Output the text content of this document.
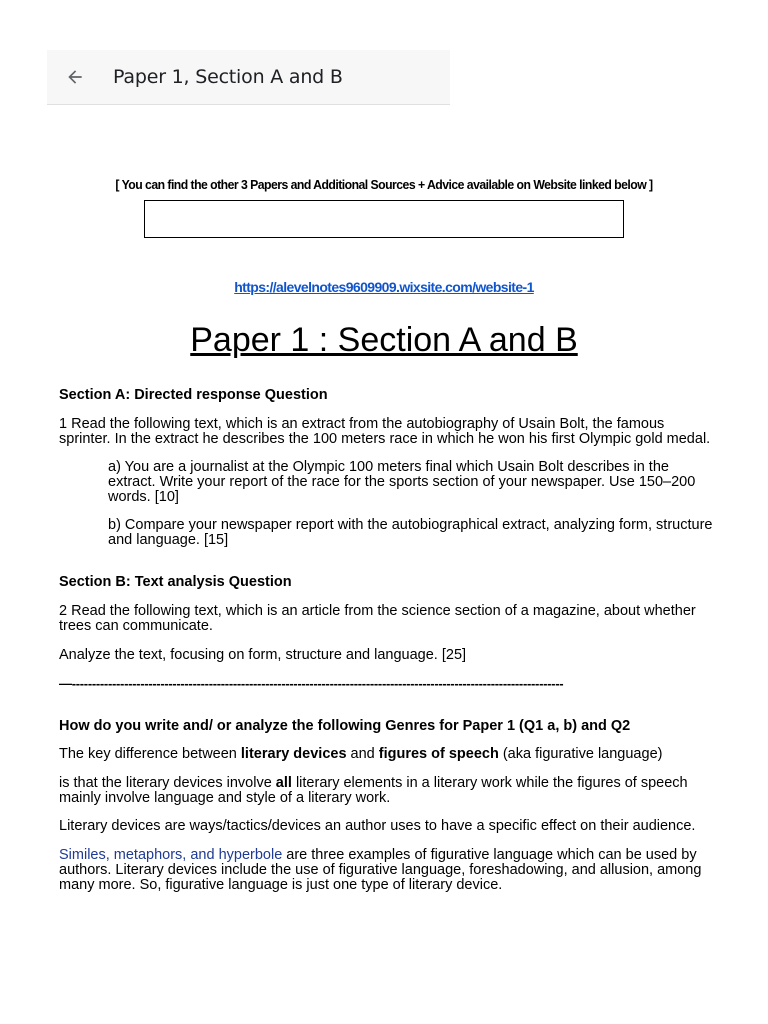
Paper 1, Section A and B
[ You can find the other 3 Papers and Additional Sources + Advice available on Website linked below ]
https://alevelnotes9609909.wixsite.com/website-1
Paper 1 : Section A and B

Section A: Directed response Question

1 Read the following text, which is an extract from the autobiography of Usain Bolt, the famous sprinter. In the extract he describes the 100 meters race in which he won his first Olympic gold medal.

a) You are a journalist at the Olympic 100 meters final which Usain Bolt describes in the extract. Write your report of the race for the sports section of your newspaper. Use 150–200 words. [10]

b) Compare your newspaper report with the autobiographical extract, analyzing form, structure and language. [15]

Section B: Text analysis Question

2 Read the following text, which is an article from the science section of a magazine, about whether trees can communicate.

Analyze the text, focusing on form, structure and language. [25]

—--------------------------------------------------------------------------------------------------------------------------

How do you write and/ or analyze the following Genres for Paper 1 (Q1 a, b) and Q2

The key difference between literary devices and figures of speech (aka figurative language)

is that the literary devices involve all literary elements in a literary work while the figures of speech mainly involve language and style of a literary work.

Literary devices are ways/tactics/devices an author uses to have a specific effect on their audience.

Similes, metaphors, and hyperbole are three examples of figurative language which can be used by authors. Literary devices include the use of figurative language, foreshadowing, and allusion, among many more. So, figurative language is just one type of literary device.
